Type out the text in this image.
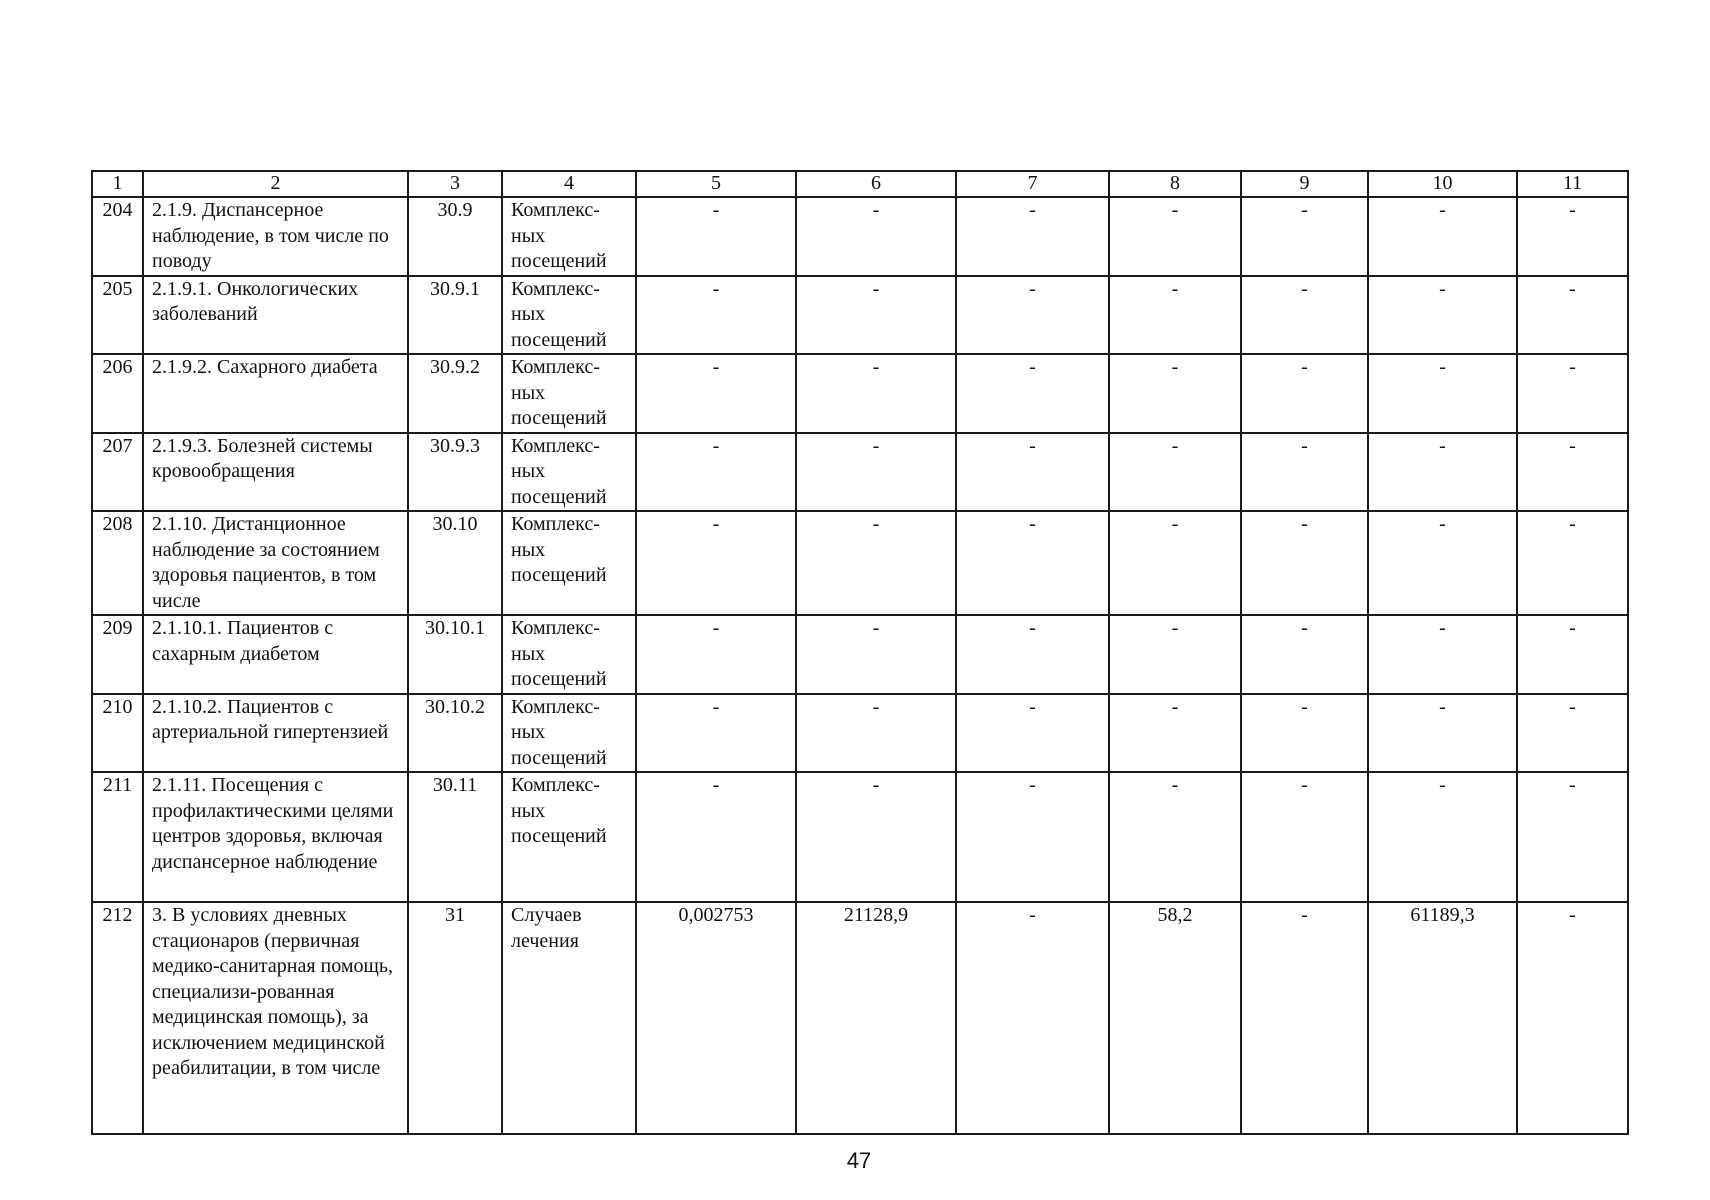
1	2	3	4	5	6	7	8	9	10	11
204	2.1.9. Диспансерное наблюдение, в том числе по поводу	30.9	Комплекс-ных посещений	-	-	-	-	-	-	-
205	2.1.9.1. Онкологических заболеваний	30.9.1	Комплекс-ных посещений	-	-	-	-	-	-	-
206	2.1.9.2. Сахарного диабета	30.9.2	Комплекс-ных посещений	-	-	-	-	-	-	-
207	2.1.9.3. Болезней системы кровообращения	30.9.3	Комплекс-ных посещений	-	-	-	-	-	-	-
208	2.1.10. Дистанционное наблюдение за состоянием здоровья пациентов, в том числе	30.10	Комплекс-ных посещений	-	-	-	-	-	-	-
209	2.1.10.1. Пациентов с сахарным диабетом	30.10.1	Комплекс-ных посещений	-	-	-	-	-	-	-
210	2.1.10.2. Пациентов с артериальной гипертензией	30.10.2	Комплекс-ных посещений	-	-	-	-	-	-	-
211	2.1.11. Посещения с профилактическими целями центров здоровья, включая диспансерное наблюдение	30.11	Комплекс-ных посещений	-	-	-	-	-	-	-
212	3. В условиях дневных стационаров (первичная медико-санитарная помощь, специализи-рованная медицинская помощь), за исключением медицинской реабилитации, в том числе	31	Случаев лечения	0,002753	21128,9	-	58,2	-	61189,3	-
47
